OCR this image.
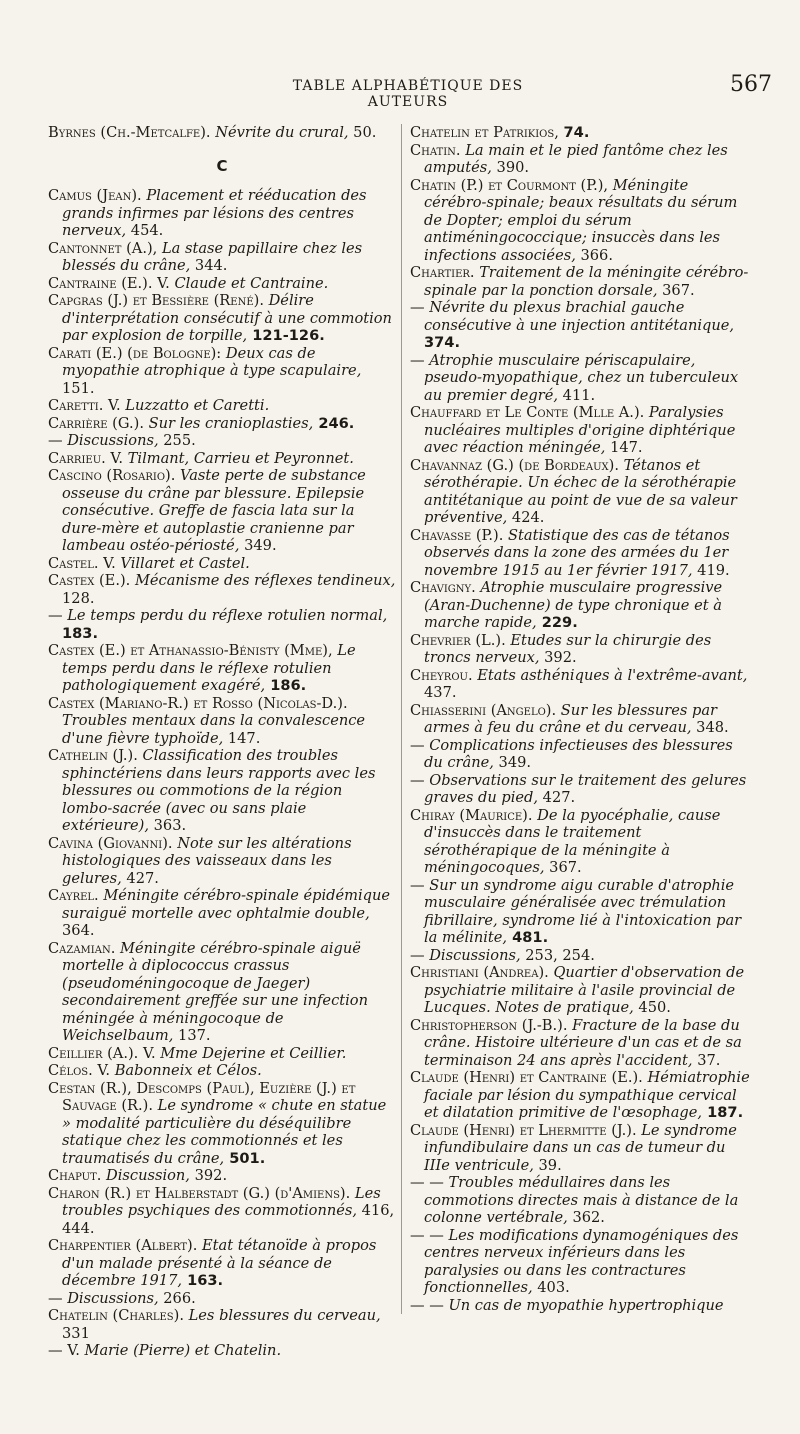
TABLE ALPHABÉTIQUE DES AUTEURS
567
Byrnes (Ch.-Metcalfe). Névrite du crural, 50.
C
Camus (Jean). Placement et rééducation des grands infirmes par lésions des centres nerveux, 454.
Cantonnet (A.), La stase papillaire chez les blessés du crâne, 344.
Cantraine (E.). V. Claude et Cantraine.
Capgras (J.) et Bessière (René). Délire d'interprétation consécutif à une commotion par explosion de torpille, 121-126.
Carati (E.) (de Bologne): Deux cas de myopathie atrophique à type scapulaire, 151.
Caretti. V. Luzzatto et Caretti.
Carrière (G.). Sur les cranioplasties, 246.
— Discussions, 255.
Carrieu. V. Tilmant, Carrieu et Peyronnet.
Cascino (Rosario). Vaste perte de substance osseuse du crâne par blessure. Epilepsie consécutive. Greffe de fascia lata sur la dure-mère et autoplastie cranienne par lambeau ostéo-périosté, 349.
Castel. V. Villaret et Castel.
Castex (E.). Mécanisme des réflexes tendineux, 128.
— Le temps perdu du réflexe rotulien normal, 183.
Castex (E.) et Athanassio-Bénisty (Mme), Le temps perdu dans le réflexe rotulien pathologiquement exagéré, 186.
Castex (Mariano-R.) et Rosso (Nicolas-D.). Troubles mentaux dans la convalescence d'une fièvre typhoïde, 147.
Cathelin (J.). Classification des troubles sphinctériens dans leurs rapports avec les blessures ou commotions de la région lombo-sacrée (avec ou sans plaie extérieure), 363.
Cavina (Giovanni). Note sur les altérations histologiques des vaisseaux dans les gelures, 427.
Cayrel. Méningite cérébro-spinale épidémique suraiguë mortelle avec ophtalmie double, 364.
Cazamian. Méningite cérébro-spinale aiguë mortelle à diplococcus crassus (pseudoméningocoque de Jaeger) secondairement greffée sur une infection méningée à méningocoque de Weichselbaum, 137.
Ceillier (A.). V. Mme Dejerine et Ceillier.
Célos. V. Babonneix et Célos.
Cestan (R.), Descomps (Paul), Euzière (J.) et Sauvage (R.). Le syndrome « chute en statue » modalité particulière du déséquilibre statique chez les commotionnés et les traumatisés du crâne, 501.
Chaput. Discussion, 392.
Charon (R.) et Halberstadt (G.) (d'Amiens). Les troubles psychiques des commotionnés, 416, 444.
Charpentier (Albert). Etat tétanoïde à propos d'un malade présenté à la séance de décembre 1917, 163.
— Discussions, 266.
Chatelin (Charles). Les blessures du cerveau, 331
— V. Marie (Pierre) et Chatelin.
Chatelin et Patrikios, 74.
Chatin. La main et le pied fantôme chez les amputés, 390.
Chatin (P.) et Courmont (P.), Méningite cérébro-spinale; beaux résultats du sérum de Dopter; emploi du sérum antiméningococcique; insuccès dans les infections associées, 366.
Chartier. Traitement de la méningite cérébro-spinale par la ponction dorsale, 367.
— Névrite du plexus brachial gauche consécutive à une injection antitétanique, 374.
— Atrophie musculaire périscapulaire, pseudo-myopathique, chez un tuberculeux au premier degré, 411.
Chauffard et Le Conte (Mlle A.). Paralysies nucléaires multiples d'origine diphtérique avec réaction méningée, 147.
Chavannaz (G.) (de Bordeaux). Tétanos et sérothérapie. Un échec de la sérothérapie antitétanique au point de vue de sa valeur préventive, 424.
Chavasse (P.). Statistique des cas de tétanos observés dans la zone des armées du 1er novembre 1915 au 1er février 1917, 419.
Chavigny. Atrophie musculaire progressive (Aran-Duchenne) de type chronique et à marche rapide, 229.
Chevrier (L.). Etudes sur la chirurgie des troncs nerveux, 392.
Cheyrou. Etats asthéniques à l'extrême-avant, 437.
Chiasserini (Angelo). Sur les blessures par armes à feu du crâne et du cerveau, 348.
— Complications infectieuses des blessures du crâne, 349.
— Observations sur le traitement des gelures graves du pied, 427.
Chiray (Maurice). De la pyocéphalie, cause d'insuccès dans le traitement sérothérapique de la méningite à méningocoques, 367.
— Sur un syndrome aigu curable d'atrophie musculaire généralisée avec trémulation fibrillaire, syndrome lié à l'intoxication par la mélinite, 481.
— Discussions, 253, 254.
Christiani (Andrea). Quartier d'observation de psychiatrie militaire à l'asile provincial de Lucques. Notes de pratique, 450.
Christopherson (J.-B.). Fracture de la base du crâne. Histoire ultérieure d'un cas et de sa terminaison 24 ans après l'accident, 37.
Claude (Henri) et Cantraine (E.). Hémiatrophie faciale par lésion du sympathique cervical et dilatation primitive de l'œsophage, 187.
Claude (Henri) et Lhermitte (J.). Le syndrome infundibulaire dans un cas de tumeur du IIIe ventricule, 39.
— — Troubles médullaires dans les commotions directes mais à distance de la colonne vertébrale, 362.
— — Les modifications dynamogéniques des centres nerveux inférieurs dans les paralysies ou dans les contractures fonctionnelles, 403.
— — Un cas de myopathie hypertrophique
